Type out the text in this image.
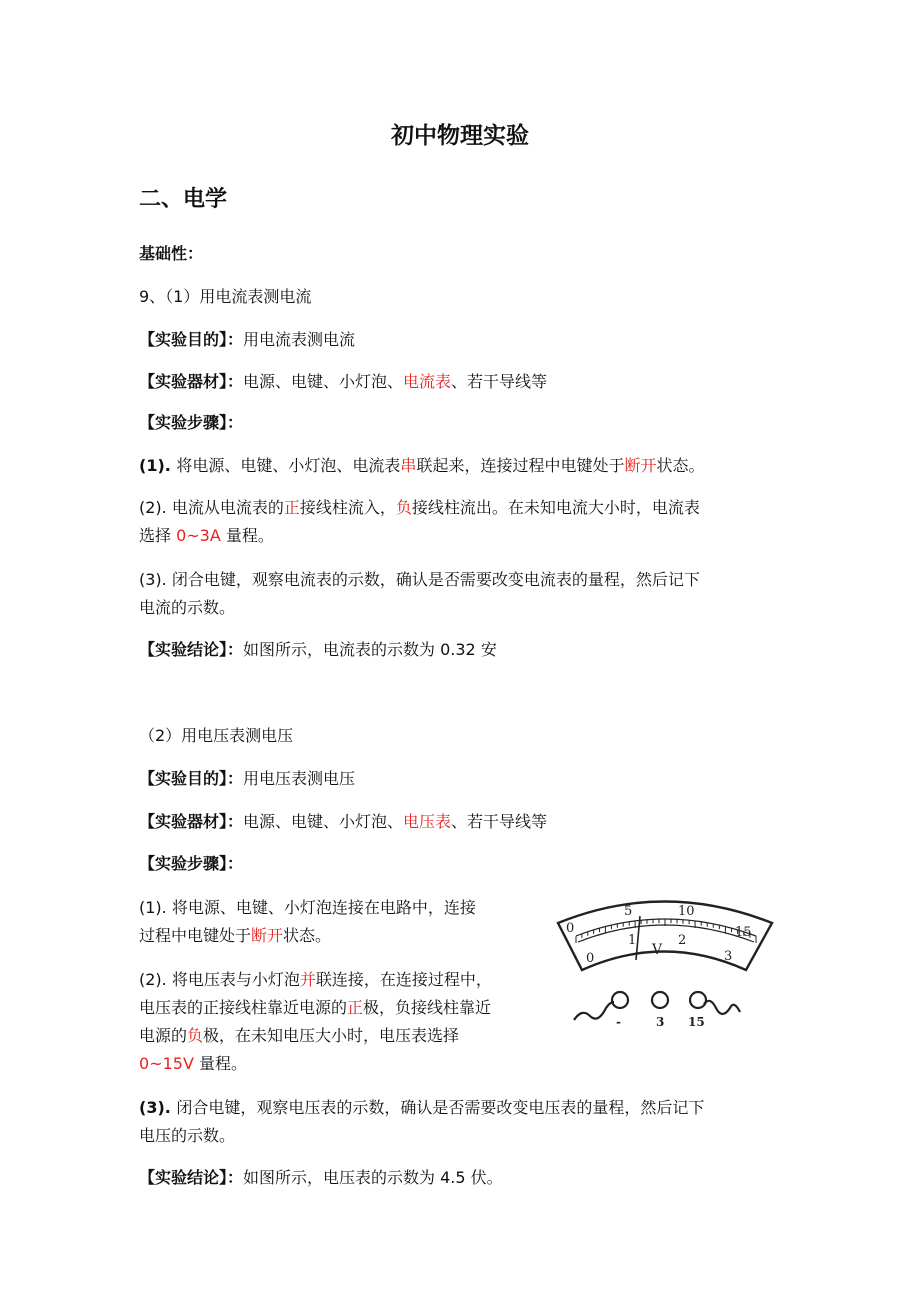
初中物理实验
二、电学
基础性：
9、（1）用电流表测电流
【实验目的】：用电流表测电流
【实验器材】：电源、电键、小灯泡、电流表、若干导线等
【实验步骤】：
(1). 将电源、电键、小灯泡、电流表串联起来，连接过程中电键处于断开状态。
(2). 电流从电流表的正接线柱流入，负接线柱流出。在未知电流大小时，电流表
选择 0~3A 量程。
(3). 闭合电键，观察电流表的示数，确认是否需要改变电流表的量程，然后记下
电流的示数。
【实验结论】：如图所示，电流表的示数为 0.32 安
（2）用电压表测电压
【实验目的】：用电压表测电压
【实验器材】：电源、电键、小灯泡、电压表、若干导线等
【实验步骤】：
(1). 将电源、电键、小灯泡连接在电路中，连接
过程中电键处于断开状态。
(2). 将电压表与小灯泡并联连接，在连接过程中，
电压表的正接线柱靠近电源的正极，负接线柱靠近
电源的负极，在未知电压大小时，电压表选择
0~15V 量程。
(3). 闭合电键，观察电压表的示数，确认是否需要改变电压表的量程，然后记下
电压的示数。
【实验结论】：如图所示，电压表的示数为 4.5 伏。
0
5	10
15
0
1	2
3
V
-	3 15
